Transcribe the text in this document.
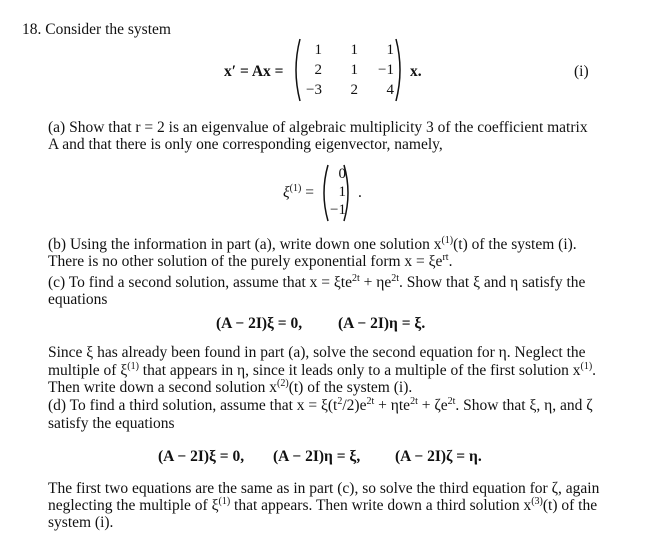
18. Consider the system
x′ = Ax =
1	1	1
2	1	−1
−3	2	4
x.	(i)
(a) Show that r = 2 is an eigenvalue of algebraic multiplicity 3 of the coefficient matrix
A and that there is only one corresponding eigenvector, namely,
$\xi^{(1)}$ =
0
1
−1
.
(b) Using the information in part (a), write down one solution $x^{(1)}(t)$ of the system (i).
There is no other solution of the purely exponential form $x = \xi e^{rt}$.
(c) To find a second solution, assume that $x = \xi te^{2t} + \eta e^{2t}$. Show that ξ and η satisfy the
equations
(A − 2I)ξ = 0, (A − 2I)η = ξ.
Since ξ has already been found in part (a), solve the second equation for η. Neglect the
multiple of $\xi^{(1)}$ that appears in η, since it leads only to a multiple of the first solution $x^{(1)}$.
Then write down a second solution $x^{(2)}(t)$ of the system (i).
(d) To find a third solution, assume that $x = \xi(t^2/2)e^{2t} + \eta te^{2t} + \zeta e^{2t}$. Show that ξ, η, and ζ
satisfy the equations
(A − 2I)ξ = 0, (A − 2I)η = ξ, (A − 2I)ζ = η.
The first two equations are the same as in part (c), so solve the third equation for ζ, again
neglecting the multiple of $\xi^{(1)}$ that appears. Then write down a third solution $x^{(3)}(t)$ of the
system (i).
